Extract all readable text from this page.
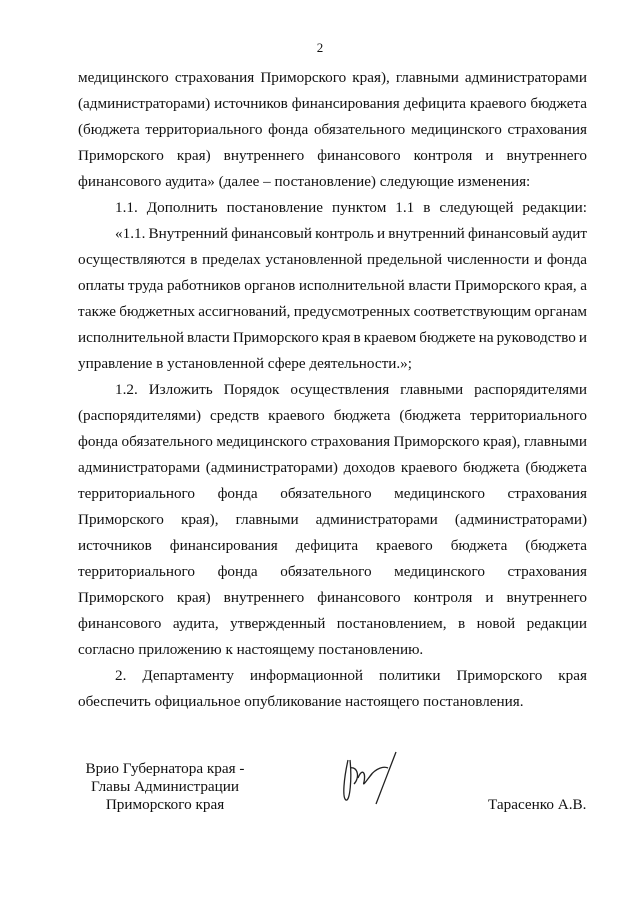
2
медицинского страхования Приморского края), главными администраторами
(администраторами) источников финансирования дефицита краевого бюджета
(бюджета территориального фонда обязательного медицинского страхования
Приморского края) внутреннего финансового контроля и внутреннего
финансового аудита» (далее – постановление) следующие изменения:
1.1. Дополнить постановление пунктом 1.1 в следующей редакции:
«1.1. Внутренний финансовый контроль и внутренний финансовый аудит
осуществляются в пределах установленной предельной численности и фонда
оплаты труда работников органов исполнительной власти Приморского края, а
также бюджетных ассигнований, предусмотренных соответствующим органам
исполнительной власти Приморского края в краевом бюджете на руководство и
управление в установленной сфере деятельности.»;
1.2. Изложить Порядок осуществления главными распорядителями
(распорядителями) средств краевого бюджета (бюджета территориального
фонда обязательного медицинского страхования Приморского края), главными
администраторами (администраторами) доходов краевого бюджета (бюджета
территориального фонда обязательного медицинского страхования
Приморского края), главными администраторами (администраторами)
источников финансирования дефицита краевого бюджета (бюджета
территориального фонда обязательного медицинского страхования
Приморского края) внутреннего финансового контроля и внутреннего
финансового аудита, утвержденный постановлением, в новой редакции
согласно приложению к настоящему постановлению.
2. Департаменту информационной политики Приморского края
обеспечить официальное опубликование настоящего постановления.
Врио Губернатора края -
Главы Администрации
Приморского края	Тарасенко А.В.
